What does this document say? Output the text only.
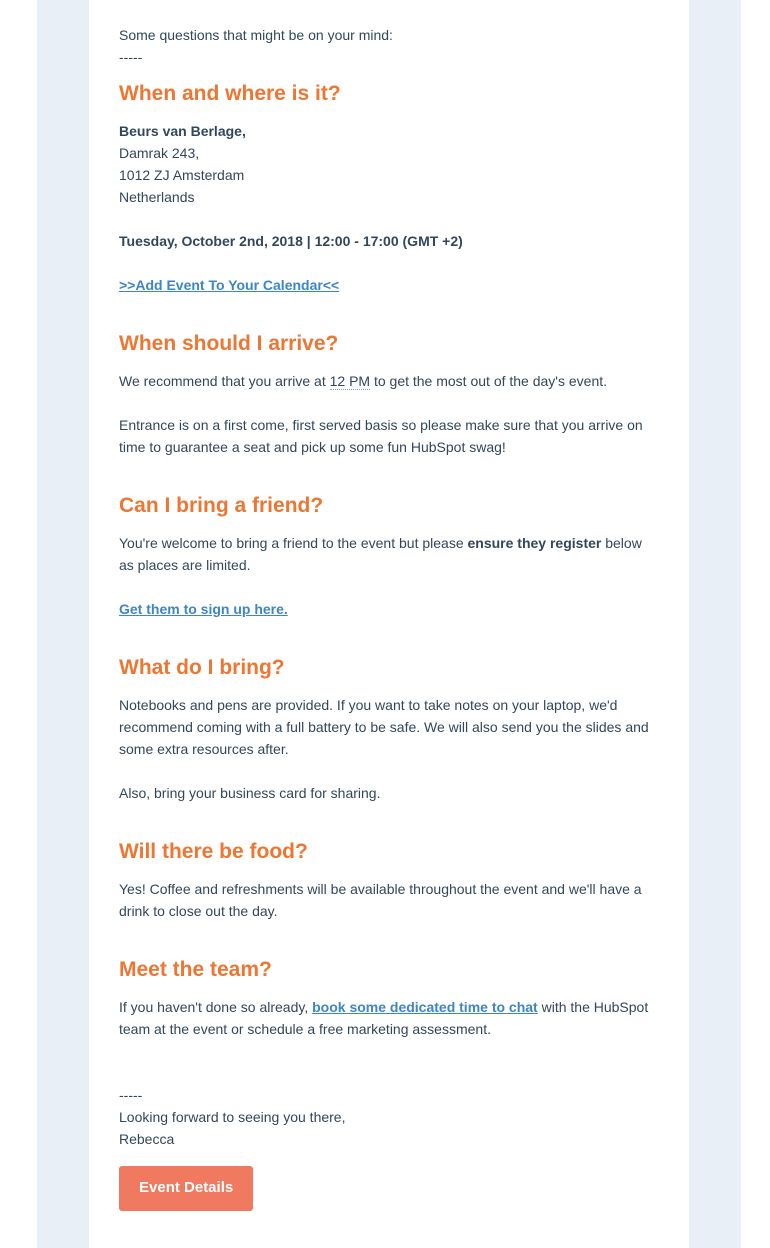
Some questions that might be on your mind:

-----

When and where is it?

Beurs van Berlage,

Damrak 243,

1012 ZJ Amsterdam

Netherlands

Tuesday, October 2nd, 2018 | 12:00 - 17:00 (GMT +2)

>>Add Event To Your Calendar<<

When should I arrive?

We recommend that you arrive at 12 PM to get the most out of the day's event.

Entrance is on a first come, first served basis so please make sure that you arrive on time to guarantee a seat and pick up some fun HubSpot swag!

Can I bring a friend?

You're welcome to bring a friend to the event but please ensure they register below as places are limited.

Get them to sign up here.

What do I bring?

Notebooks and pens are provided. If you want to take notes on your laptop, we'd recommend coming with a full battery to be safe. We will also send you the slides and some extra resources after.

Also, bring your business card for sharing.

Will there be food?

Yes! Coffee and refreshments will be available throughout the event and we'll have a drink to close out the day.

Meet the team?

If you haven't done so already, book some dedicated time to chat with the HubSpot team at the event or schedule a free marketing assessment.

-----

Looking forward to seeing you there,

Rebecca

Event Details
